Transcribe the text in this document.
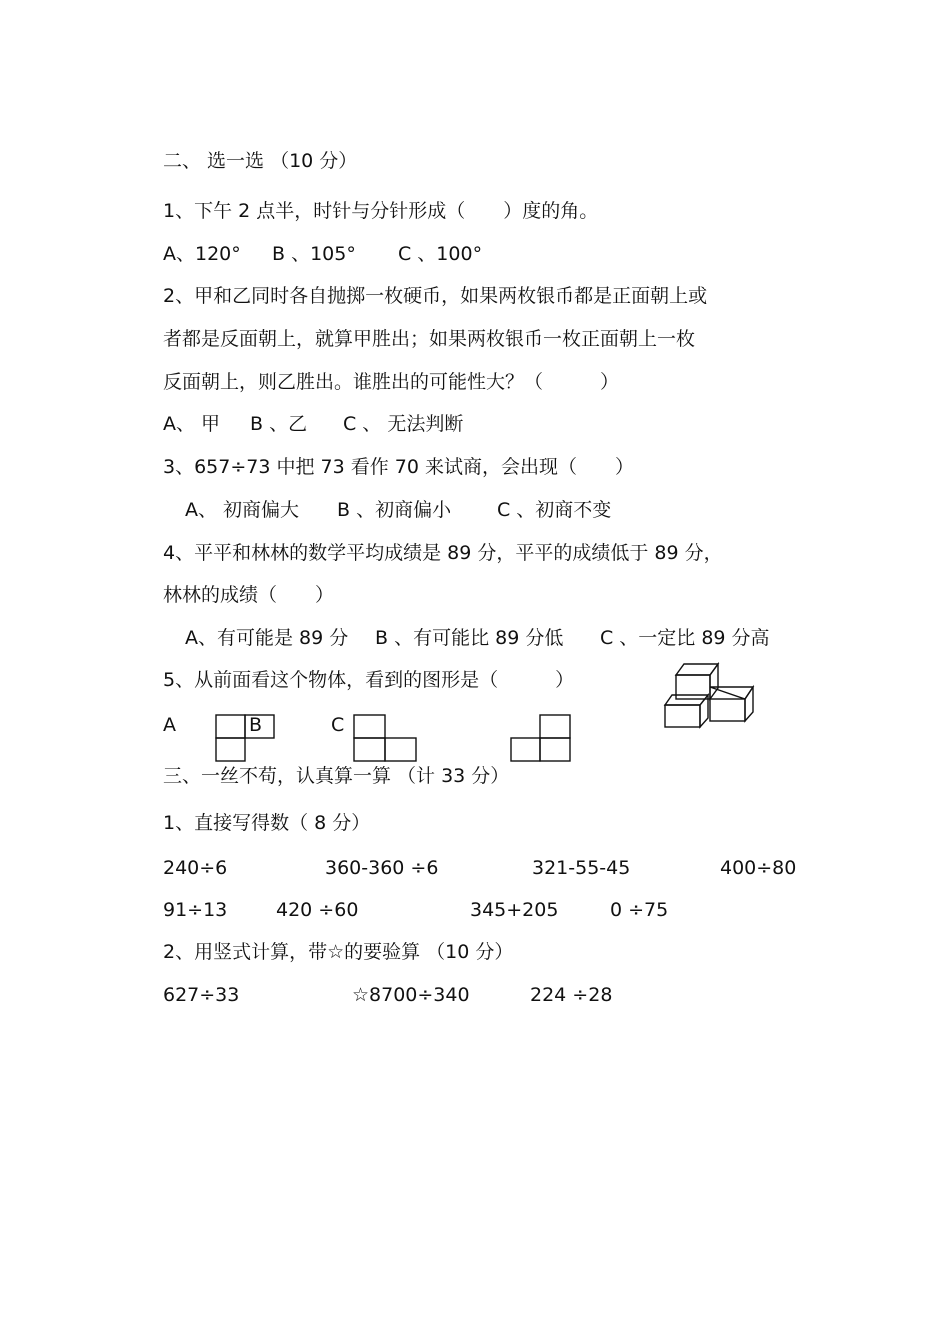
二、 选一选 （10 分）
1、下午 2 点半，时针与分针形成（　　）度的角。
A、120° B 、105° C 、100°
2、甲和乙同时各自抛掷一枚硬币，如果两枚银币都是正面朝上或
者都是反面朝上，就算甲胜出；如果两枚银币一枚正面朝上一枚
反面朝上，则乙胜出。谁胜出的可能性大？（　　　）
A、 甲 B 、乙 C 、 无法判断
3、657÷73 中把 73 看作 70 来试商，会出现（　　）
A、 初商偏大 B 、初商偏小 C 、初商不变
4、平平和林林的数学平均成绩是 89 分，平平的成绩低于 89 分，
林林的成绩（　　）
A、有可能是 89 分 B 、有可能比 89 分低 C 、一定比 89 分高
5、从前面看这个物体，看到的图形是（　　　）
A	B	C
三、一丝不苟，认真算一算 （计 33 分）
1、直接写得数（ 8 分）
240÷6	360-360 ÷6	321-55-45	400÷80
91÷13	420 ÷60	345+205	0 ÷75
2、用竖式计算，带☆的要验算 （10 分）
627÷33	☆8700÷340	224 ÷28
